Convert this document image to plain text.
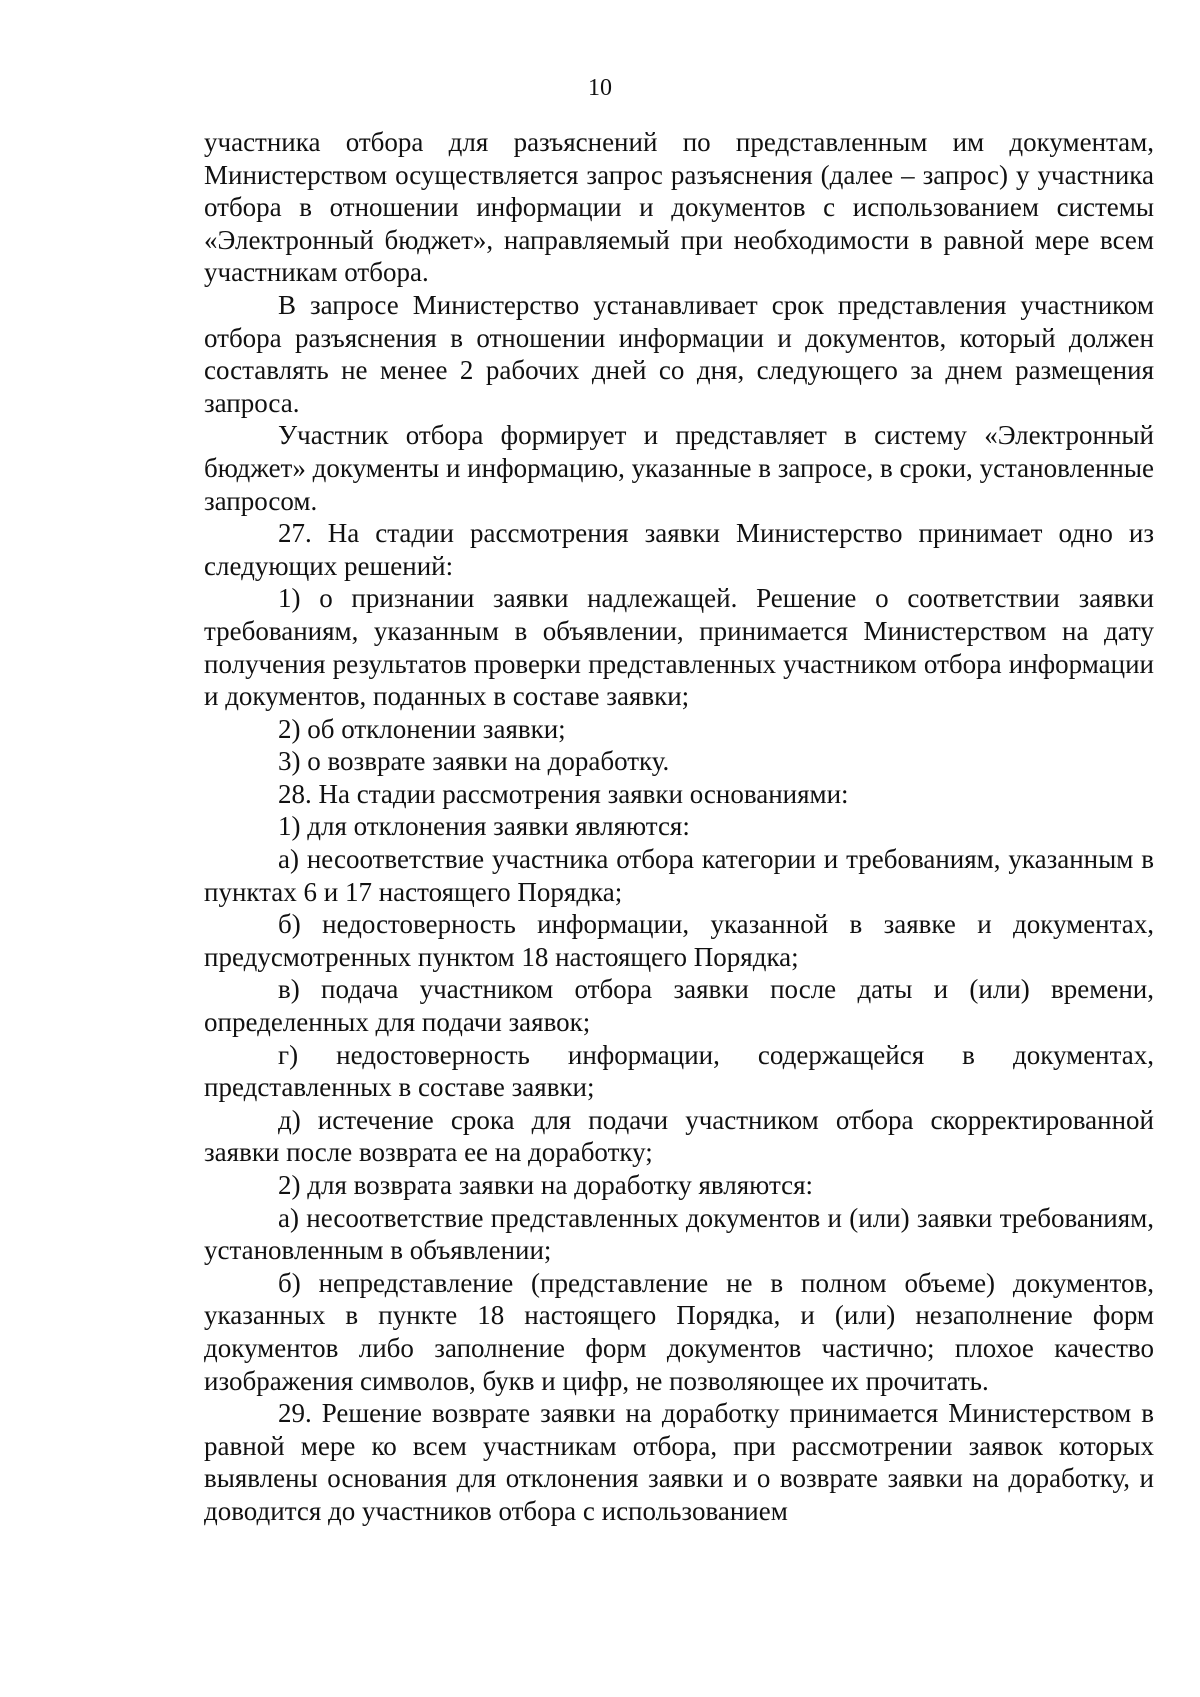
10

участника отбора для разъяснений по представленным им документам, Министерством осуществляется запрос разъяснения (далее – запрос) у участника отбора в отношении информации и документов с использованием системы «Электронный бюджет», направляемый при необходимости в равной мере всем участникам отбора.

В запросе Министерство устанавливает срок представления участником отбора разъяснения в отношении информации и документов, который должен составлять не менее 2 рабочих дней со дня, следующего за днем размещения запроса.

Участник отбора формирует и представляет в систему «Электронный бюджет» документы и информацию, указанные в запросе, в сроки, установленные запросом.

27. На стадии рассмотрения заявки Министерство принимает одно из следующих решений:

1) о признании заявки надлежащей. Решение о соответствии заявки требованиям, указанным в объявлении, принимается Министерством на дату получения результатов проверки представленных участником отбора информации и документов, поданных в составе заявки;

2) об отклонении заявки;

3) о возврате заявки на доработку.

28. На стадии рассмотрения заявки основаниями:

1) для отклонения заявки являются:

а) несоответствие участника отбора категории и требованиям, указанным в пунктах 6 и 17 настоящего Порядка;

б) недостоверность информации, указанной в заявке и документах, предусмотренных пунктом 18 настоящего Порядка;

в) подача участником отбора заявки после даты и (или) времени, определенных для подачи заявок;

г) недостоверность информации, содержащейся в документах, представленных в составе заявки;

д) истечение срока для подачи участником отбора скорректированной заявки после возврата ее на доработку;

2) для возврата заявки на доработку являются:

а) несоответствие представленных документов и (или) заявки требованиям, установленным в объявлении;

б) непредставление (представление не в полном объеме) документов, указанных в пункте 18 настоящего Порядка, и (или) незаполнение форм документов либо заполнение форм документов частично; плохое качество изображения символов, букв и цифр, не позволяющее их прочитать.

29. Решение возврате заявки на доработку принимается Министерством в равной мере ко всем участникам отбора, при рассмотрении заявок которых выявлены основания для отклонения заявки и о возврате заявки на доработку, и доводится до участников отбора с использованием
